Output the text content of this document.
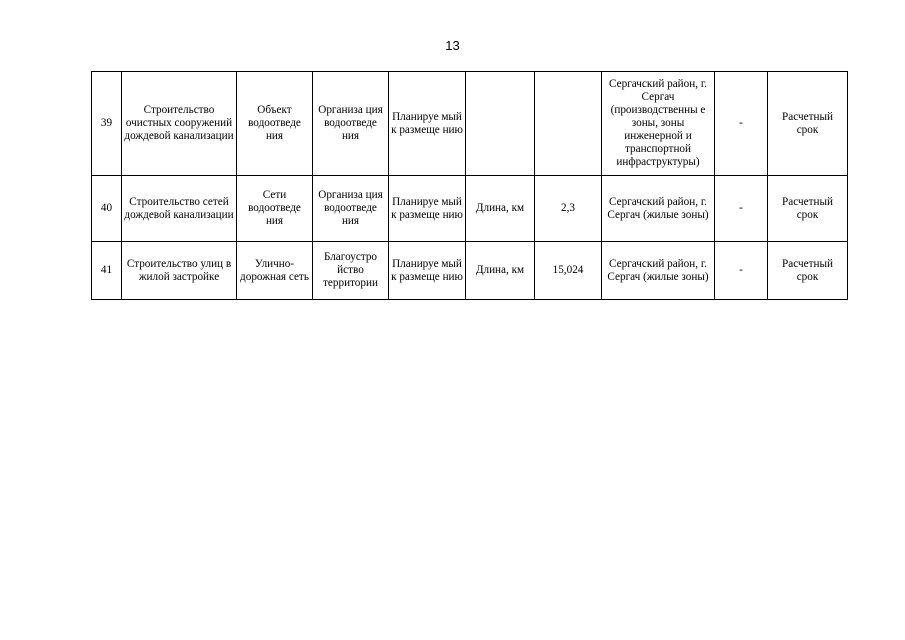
13
39	Строительство очистных сооружений дождевой канализации	Объект водоотведе ния	Организа ция водоотведе ния	Планируе мый к размеще нию			Сергачский район, г. Сергач (производственны е зоны, зоны инженерной и транспортной инфраструктуры)	-	Расчетный срок
40	Строительство сетей дождевой канализации	Сети водоотведе ния	Организа ция водоотведе ния	Планируе мый к размеще нию	Длина, км	2,3	Сергачский район, г. Сергач (жилые зоны)	-	Расчетный срок
41	Строительство улиц в жилой застройке	Улично-дорожная сеть	Благоустро йство территории	Планируе мый к размеще нию	Длина, км	15,024	Сергачский район, г. Сергач (жилые зоны)	-	Расчетный срок
